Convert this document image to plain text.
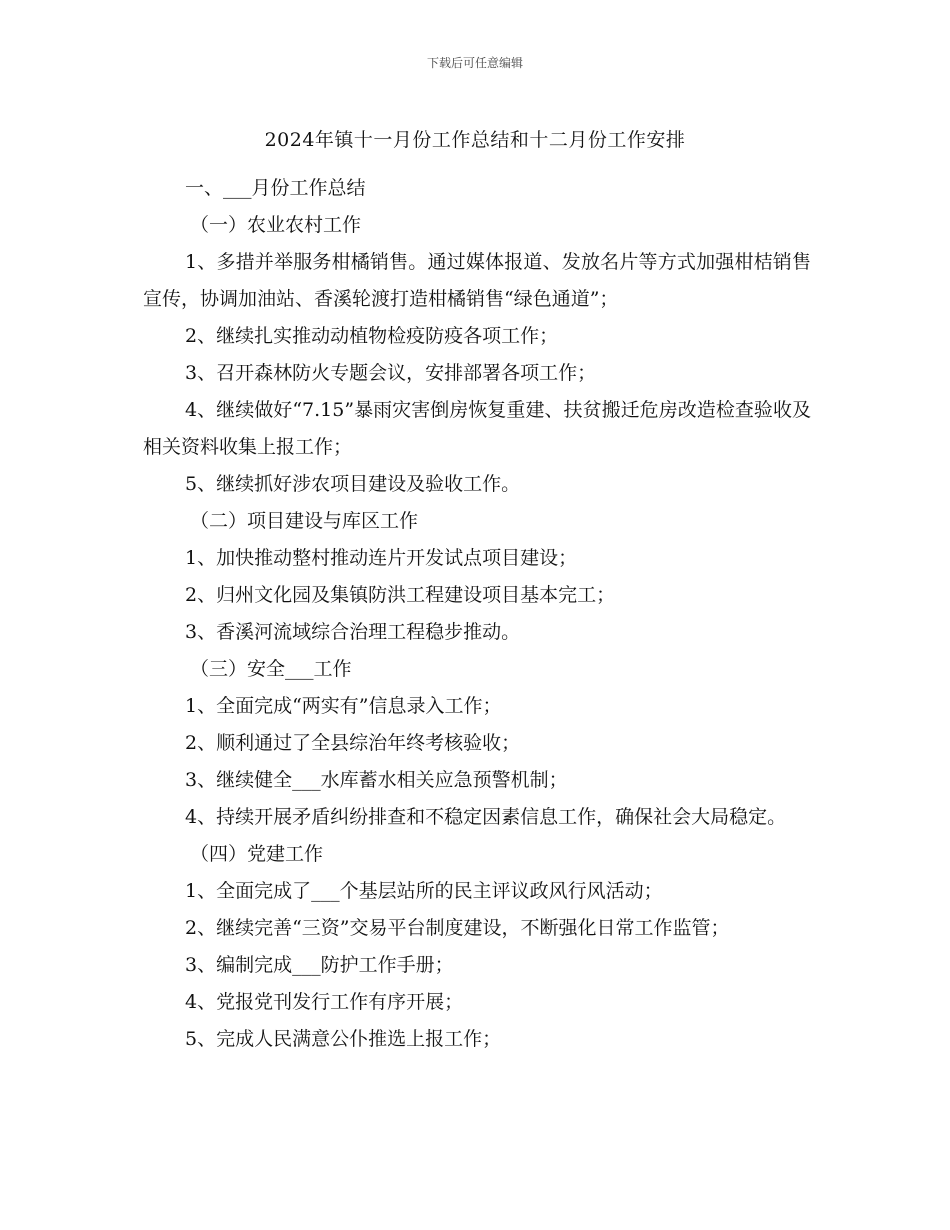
下载后可任意编辑
2024年镇十一月份工作总结和十二月份工作安排

一、___月份工作总结

（一）农业农村工作

1、多措并举服务柑橘销售。通过媒体报道、发放名片等方式加强柑桔销售宣传，协调加油站、香溪轮渡打造柑橘销售“绿色通道”；

2、继续扎实推动动植物检疫防疫各项工作；

3、召开森林防火专题会议，安排部署各项工作；

4、继续做好“7.15”暴雨灾害倒房恢复重建、扶贫搬迁危房改造检查验收及相关资料收集上报工作；

5、继续抓好涉农项目建设及验收工作。

（二）项目建设与库区工作

1、加快推动整村推动连片开发试点项目建设；

2、归州文化园及集镇防洪工程建设项目基本完工；

3、香溪河流域综合治理工程稳步推动。

（三）安全___工作

1、全面完成“两实有”信息录入工作；

2、顺利通过了全县综治年终考核验收；

3、继续健全___水库蓄水相关应急预警机制；

4、持续开展矛盾纠纷排查和不稳定因素信息工作，确保社会大局稳定。

（四）党建工作

1、全面完成了___个基层站所的民主评议政风行风活动；

2、继续完善“三资”交易平台制度建设，不断强化日常工作监管；

3、编制完成___防护工作手册；

4、党报党刊发行工作有序开展；

5、完成人民满意公仆推选上报工作；
